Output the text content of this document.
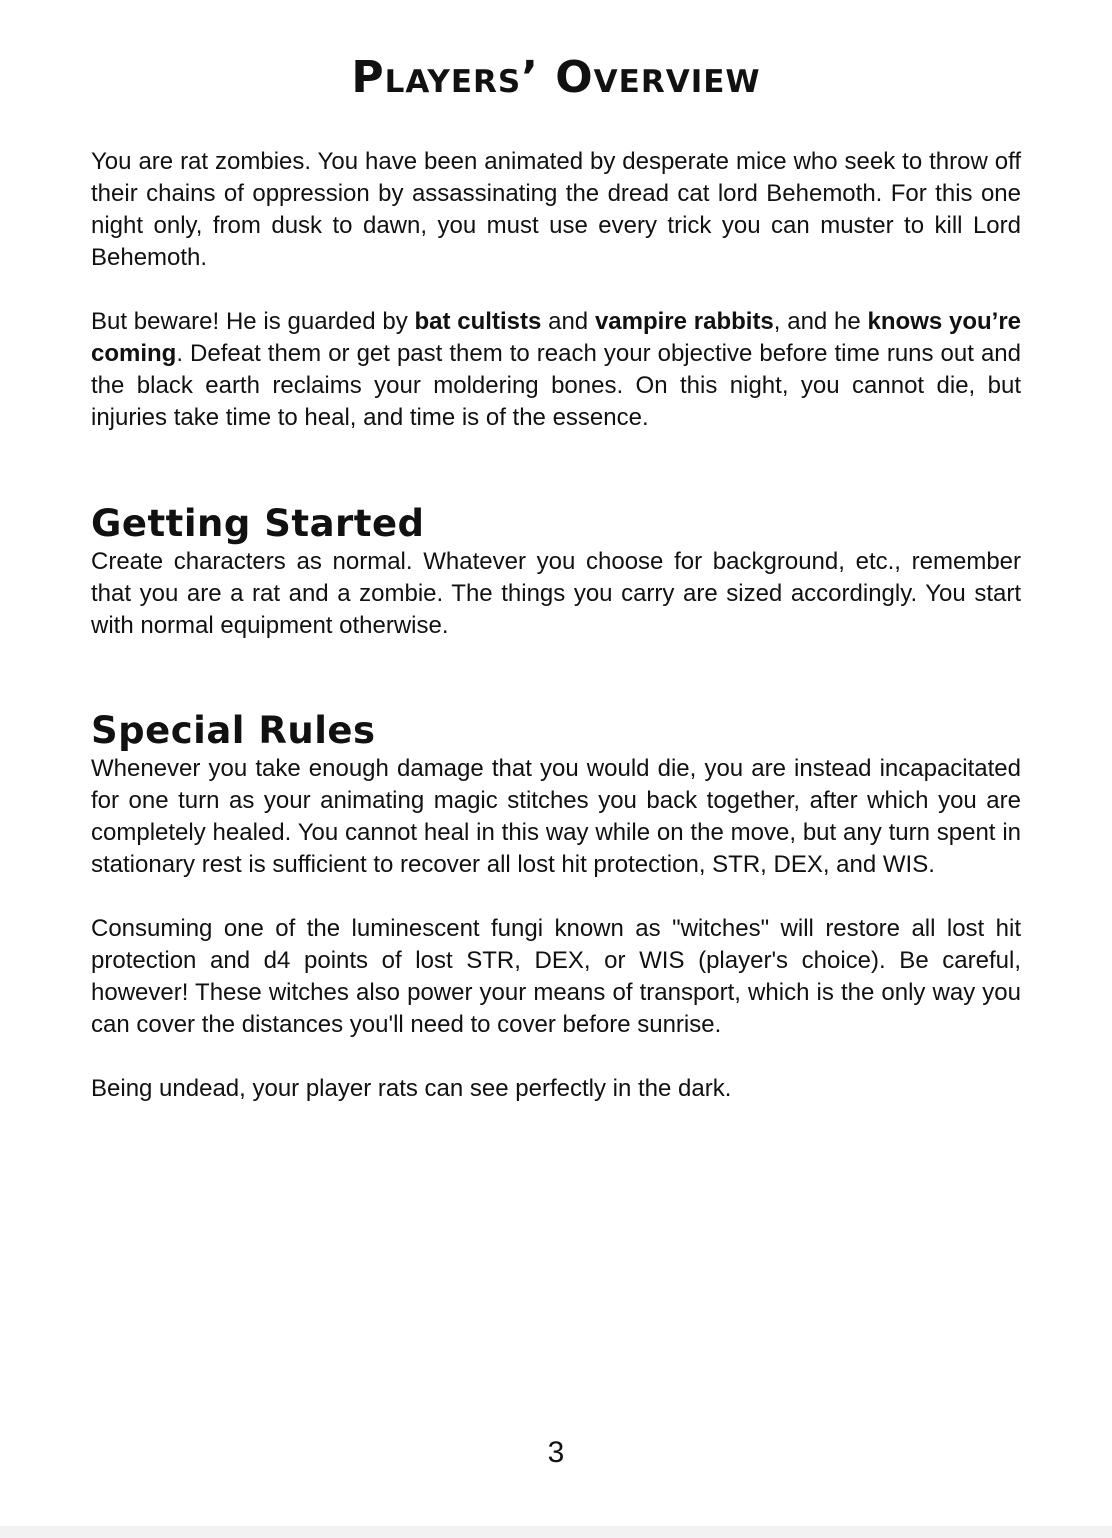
Players’ Overview

You are rat zombies. You have been animated by desperate mice who seek to throw off their chains of oppression by assassinating the dread cat lord Behemoth. For this one night only, from dusk to dawn, you must use every trick you can muster to kill Lord Behemoth.

But beware! He is guarded by bat cultists and vampire rabbits, and he knows you’re coming. Defeat them or get past them to reach your objective before time runs out and the black earth reclaims your moldering bones. On this night, you cannot die, but injuries take time to heal, and time is of the essence.

Getting Started

Create characters as normal. Whatever you choose for background, etc., remember that you are a rat and a zombie. The things you carry are sized accordingly. You start with normal equipment otherwise.

Special Rules

Whenever you take enough damage that you would die, you are instead incapacitated for one turn as your animating magic stitches you back together, after which you are completely healed. You cannot heal in this way while on the move, but any turn spent in stationary rest is sufficient to recover all lost hit protection, STR, DEX, and WIS.

Consuming one of the luminescent fungi known as "witches" will restore all lost hit protection and d4 points of lost STR, DEX, or WIS (player's choice). Be careful, however! These witches also power your means of transport, which is the only way you can cover the distances you'll need to cover before sunrise.

Being undead, your player rats can see perfectly in the dark.

3
